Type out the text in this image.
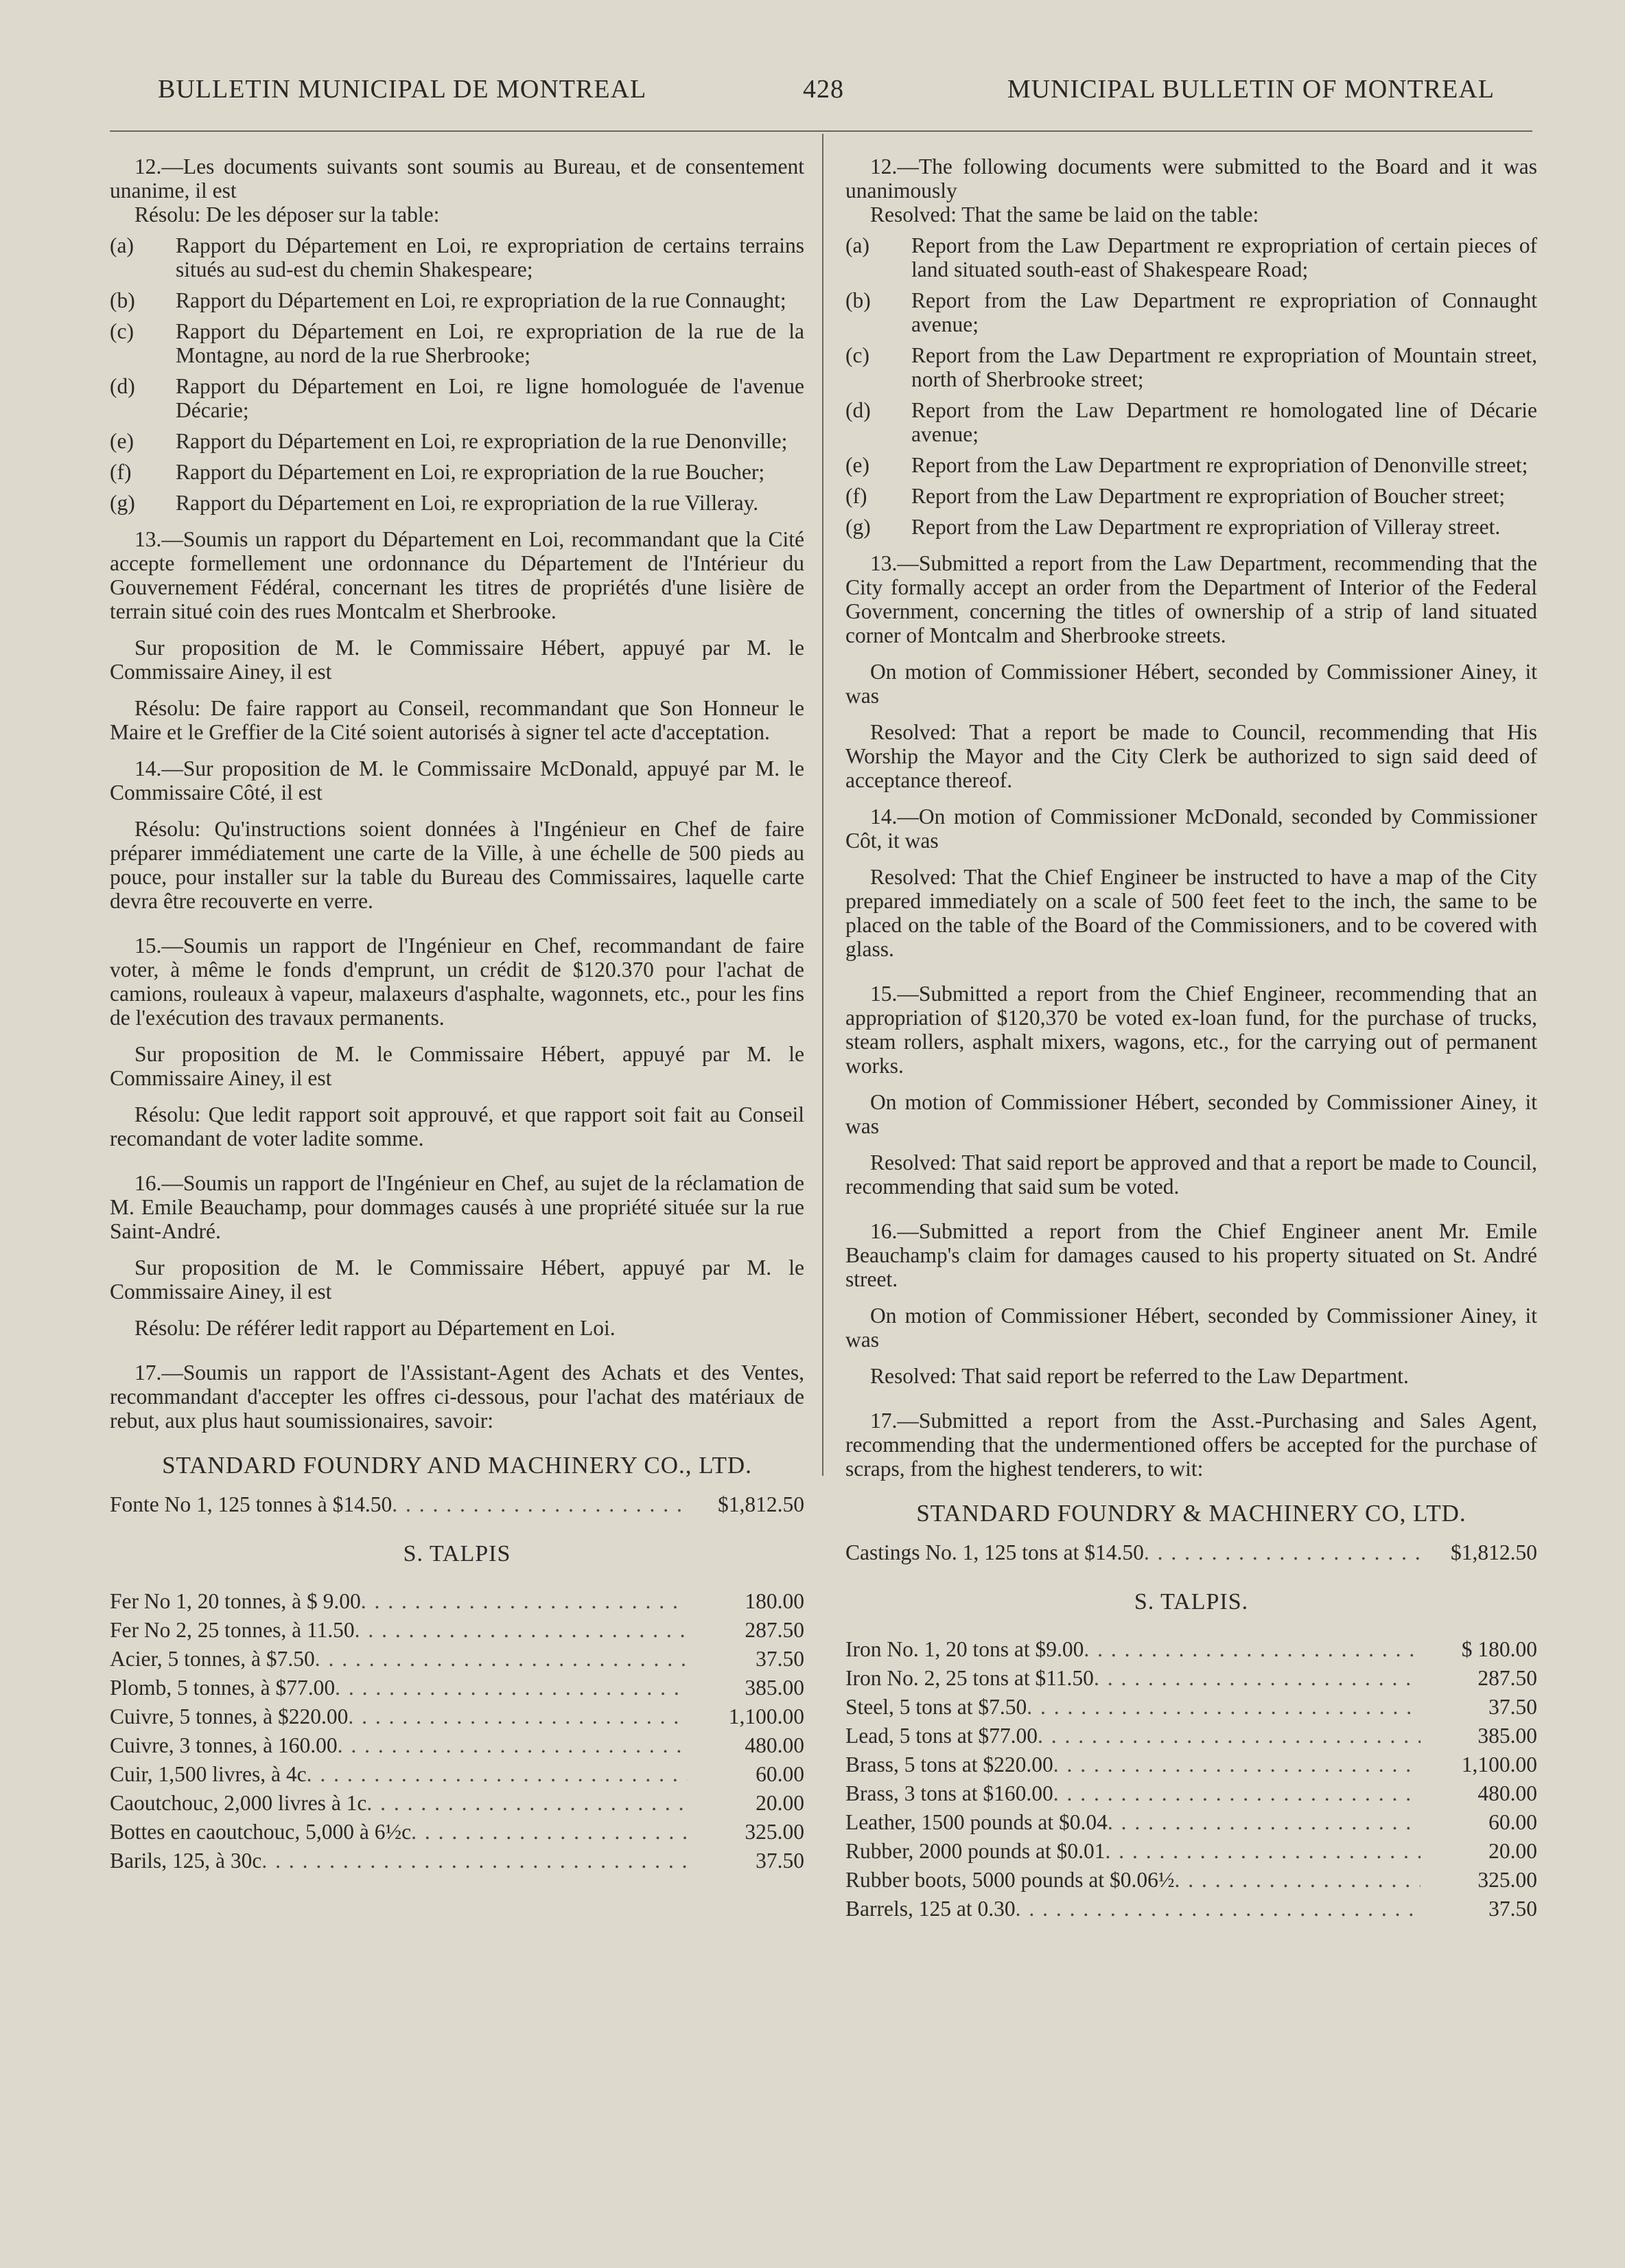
BULLETIN MUNICIPAL DE MONTREAL	428	MUNICIPAL BULLETIN OF MONTREAL

12.—Les documents suivants sont soumis au Bureau, et de consentement unanime, il est

Résolu: De les déposer sur la table:

(a) Rapport du Département en Loi, re expropriation de certains terrains situés au sud-est du chemin Shakespeare;
(b) Rapport du Département en Loi, re expropriation de la rue Connaught;
(c) Rapport du Département en Loi, re expropriation de la rue de la Montagne, au nord de la rue Sherbrooke;
(d) Rapport du Département en Loi, re ligne homologuée de l'avenue Décarie;
(e) Rapport du Département en Loi, re expropriation de la rue Denonville;
(f) Rapport du Département en Loi, re expropriation de la rue Boucher;
(g) Rapport du Département en Loi, re expropriation de la rue Villeray.

13.—Soumis un rapport du Département en Loi, recommandant que la Cité accepte formellement une ordonnance du Département de l'Intérieur du Gouvernement Fédéral, concernant les titres de propriétés d'une lisière de terrain situé coin des rues Montcalm et Sherbrooke.

Sur proposition de M. le Commissaire Hébert, appuyé par M. le Commissaire Ainey, il est

Résolu: De faire rapport au Conseil, recommandant que Son Honneur le Maire et le Greffier de la Cité soient autorisés à signer tel acte d'acceptation.

14.—Sur proposition de M. le Commissaire McDonald, appuyé par M. le Commissaire Côté, il est

Résolu: Qu'instructions soient données à l'Ingénieur en Chef de faire préparer immédiatement une carte de la Ville, à une échelle de 500 pieds au pouce, pour installer sur la table du Bureau des Commissaires, laquelle carte devra être recouverte en verre.

15.—Soumis un rapport de l'Ingénieur en Chef, recommandant de faire voter, à même le fonds d'emprunt, un crédit de $120.370 pour l'achat de camions, rouleaux à vapeur, malaxeurs d'asphalte, wagonnets, etc., pour les fins de l'exécution des travaux permanents.

Sur proposition de M. le Commissaire Hébert, appuyé par M. le Commissaire Ainey, il est

Résolu: Que ledit rapport soit approuvé, et que rapport soit fait au Conseil recomandant de voter ladite somme.

16.—Soumis un rapport de l'Ingénieur en Chef, au sujet de la réclamation de M. Emile Beauchamp, pour dommages causés à une propriété située sur la rue Saint-André.

Sur proposition de M. le Commissaire Hébert, appuyé par M. le Commissaire Ainey, il est

Résolu: De référer ledit rapport au Département en Loi.

17.—Soumis un rapport de l'Assistant-Agent des Achats et des Ventes, recommandant d'accepter les offres ci-dessous, pour l'achat des matériaux de rebut, aux plus haut soumissionaires, savoir:

STANDARD FOUNDRY AND MACHINERY CO., LTD.

Fonte No 1, 125 tonnes à $14.50 . . .	$1,812.50

S. TALPIS

Fer No 1, 20 tonnes, à $ 9.00 . . .	180.00
Fer No 2, 25 tonnes, à 11.50 . . .	287.50
Acier, 5 tonnes, à $7.50 . . .	37.50
Plomb, 5 tonnes, à $77.00 . . .	385.00
Cuivre, 5 tonnes, à $220.00 . . .	1,100.00
Cuivre, 3 tonnes, à 160.00 . . .	480.00
Cuir, 1,500 livres, à 4c . . .	60.00
Caoutchouc, 2,000 livres à 1c . . .	20.00
Bottes en caoutchouc, 5,000 à 6½c . . .	325.00
Barils, 125, à 30c . . .	37.50

12.—The following documents were submitted to the Board and it was unanimously

Resolved: That the same be laid on the table:

(a) Report from the Law Department re expropriation of certain pieces of land situated south-east of Shakespeare Road;
(b) Report from the Law Department re expropriation of Connaught avenue;
(c) Report from the Law Department re expropriation of Mountain street, north of Sherbrooke street;
(d) Report from the Law Department re homologated line of Décarie avenue;
(e) Report from the Law Department re expropriation of Denonville street;
(f) Report from the Law Department re expropriation of Boucher street;
(g) Report from the Law Department re expropriation of Villeray street.

13.—Submitted a report from the Law Department, recommending that the City formally accept an order from the Department of Interior of the Federal Government, concerning the titles of ownership of a strip of land situated corner of Montcalm and Sherbrooke streets.

On motion of Commissioner Hébert, seconded by Commissioner Ainey, it was

Resolved: That a report be made to Council, recommending that His Worship the Mayor and the City Clerk be authorized to sign said deed of acceptance thereof.

14.—On motion of Commissioner McDonald, seconded by Commissioner Côt, it was

Resolved: That the Chief Engineer be instructed to have a map of the City prepared immediately on a scale of 500 feet feet to the inch, the same to be placed on the table of the Board of the Commissioners, and to be covered with glass.

15.—Submitted a report from the Chief Engineer, recommending that an appropriation of $120,370 be voted ex-loan fund, for the purchase of trucks, steam rollers, asphalt mixers, wagons, etc., for the carrying out of permanent works.

On motion of Commissioner Hébert, seconded by Commissioner Ainey, it was

Resolved: That said report be approved and that a report be made to Council, recommending that said sum be voted.

16.—Submitted a report from the Chief Engineer anent Mr. Emile Beauchamp's claim for damages caused to his property situated on St. André street.

On motion of Commissioner Hébert, seconded by Commissioner Ainey, it was

Resolved: That said report be referred to the Law Department.

17.—Submitted a report from the Asst.-Purchasing and Sales Agent, recommending that the undermentioned offers be accepted for the purchase of scraps, from the highest tenderers, to wit:

STANDARD FOUNDRY & MACHINERY CO, LTD.

Castings No. 1, 125 tons at $14.50 . . .	$1,812.50

S. TALPIS.

Iron No. 1, 20 tons at $9.00 . . .	$ 180.00
Iron No. 2, 25 tons at $11.50 . . .	287.50
Steel, 5 tons at $7.50 . . .	37.50
Lead, 5 tons at $77.00 . . .	385.00
Brass, 5 tons at $220.00 . . .	1,100.00
Brass, 3 tons at $160.00 . . .	480.00
Leather, 1500 pounds at $0.04 . . .	60.00
Rubber, 2000 pounds at $0.01 . . .	20.00
Rubber boots, 5000 pounds at $0.06½ . . .	325.00
Barrels, 125 at 0.30 . . .	37.50
